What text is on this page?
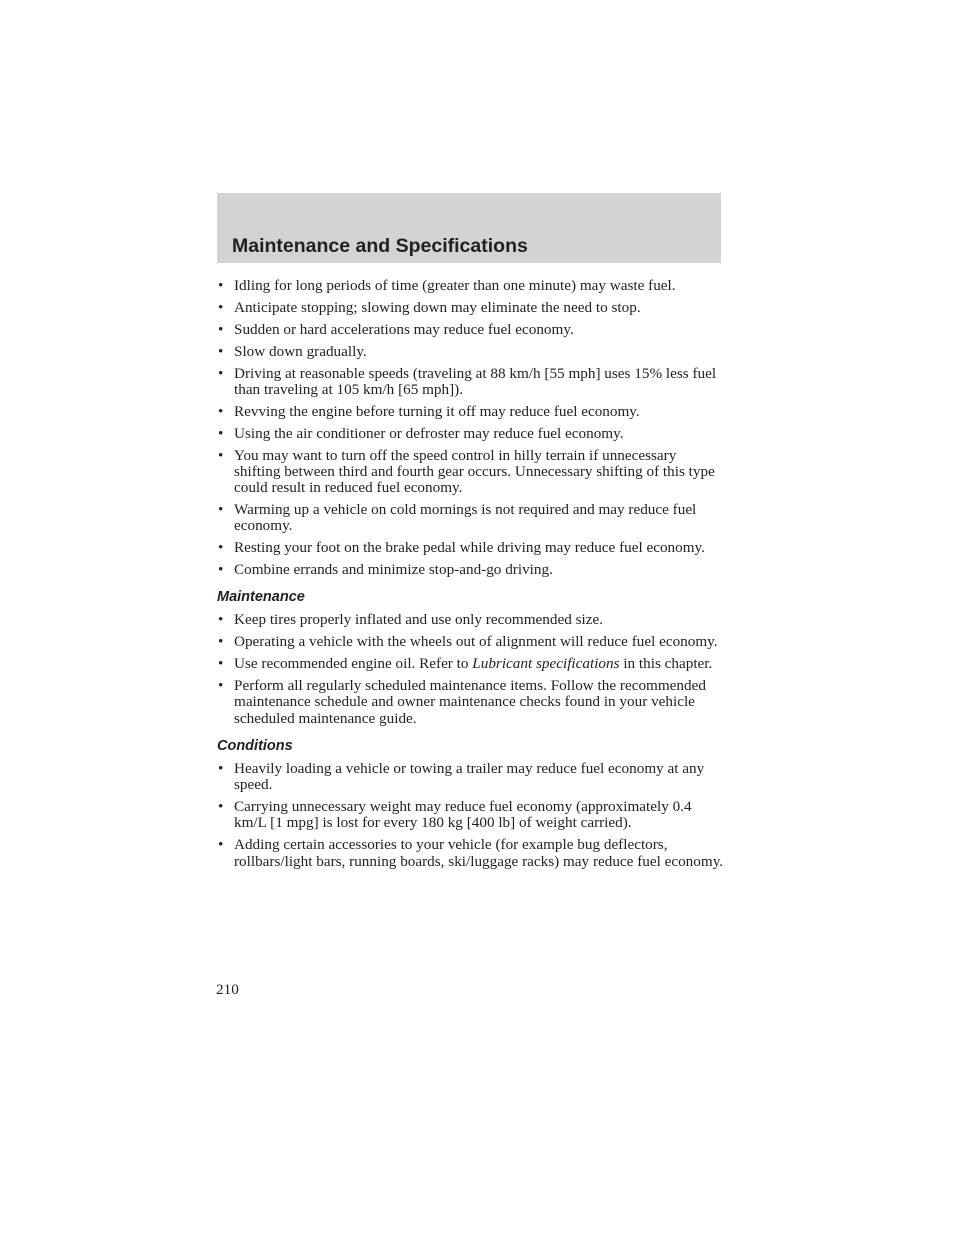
Maintenance and Specifications
• Idling for long periods of time (greater than one minute) may waste fuel.
• Anticipate stopping; slowing down may eliminate the need to stop.
• Sudden or hard accelerations may reduce fuel economy.
• Slow down gradually.
• Driving at reasonable speeds (traveling at 88 km/h [55 mph] uses 15% less fuel than traveling at 105 km/h [65 mph]).
• Revving the engine before turning it off may reduce fuel economy.
• Using the air conditioner or defroster may reduce fuel economy.
• You may want to turn off the speed control in hilly terrain if unnecessary shifting between third and fourth gear occurs. Unnecessary shifting of this type could result in reduced fuel economy.
• Warming up a vehicle on cold mornings is not required and may reduce fuel economy.
• Resting your foot on the brake pedal while driving may reduce fuel economy.
• Combine errands and minimize stop-and-go driving.
Maintenance
• Keep tires properly inflated and use only recommended size.
• Operating a vehicle with the wheels out of alignment will reduce fuel economy.
• Use recommended engine oil. Refer to Lubricant specifications in this chapter.
• Perform all regularly scheduled maintenance items. Follow the recommended maintenance schedule and owner maintenance checks found in your vehicle scheduled maintenance guide.
Conditions
• Heavily loading a vehicle or towing a trailer may reduce fuel economy at any speed.
• Carrying unnecessary weight may reduce fuel economy (approximately 0.4 km/L [1 mpg] is lost for every 180 kg [400 lb] of weight carried).
• Adding certain accessories to your vehicle (for example bug deflectors, rollbars/light bars, running boards, ski/luggage racks) may reduce fuel economy.
210
